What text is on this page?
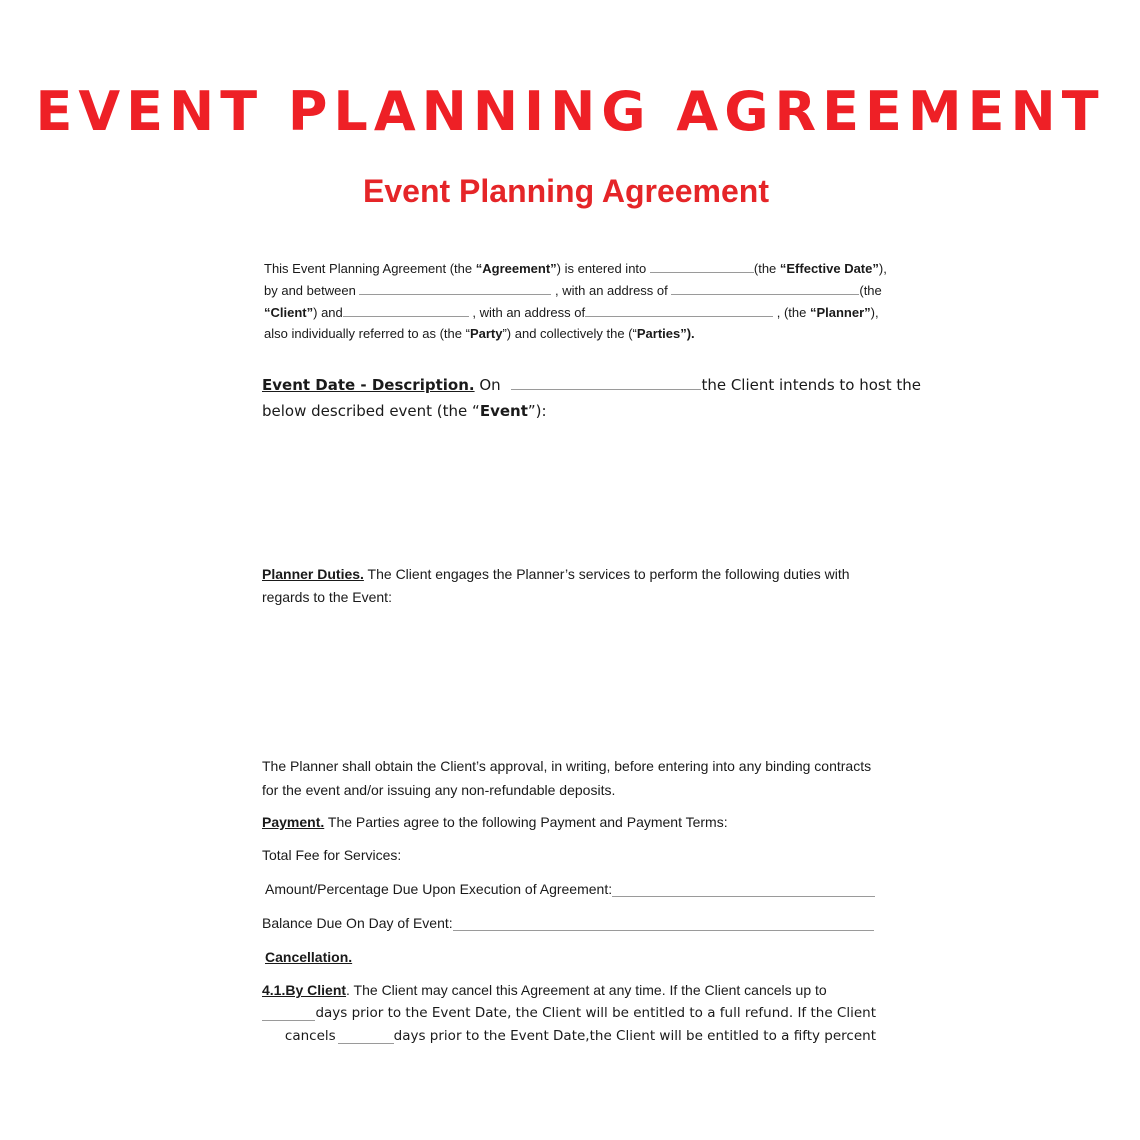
EVENT PLANNING AGREEMENT
Event Planning Agreement
This Event Planning Agreement (the “Agreement”) is entered into	(the “Effective Date”),
by and between	, with an address of	(the
“Client”) and	, with an address of	, (the “Planner”),
also individually referred to as (the “Party”) and collectively the (“Parties”).
Event Date - Description. On	the Client intends to host the
below described event (the “Event”):
Planner Duties. The Client engages the Planner’s services to perform the following duties with
regards to the Event:
The Planner shall obtain the Client’s approval, in writing, before entering into any binding contracts
for the event and/or issuing any non-refundable deposits.
Payment. The Parties agree to the following Payment and Payment Terms:
Total Fee for Services:
Amount/Percentage Due Upon Execution of Agreement:
Balance Due On Day of Event:
Cancellation.
4.1.By Client. The Client may cancel this Agreement at any time. If the Client cancels up to
days prior to the Event Date, the Client will be entitled to a full refund. If the Client
cancels	days prior to the Event Date,the Client will be entitled to a fifty percent
